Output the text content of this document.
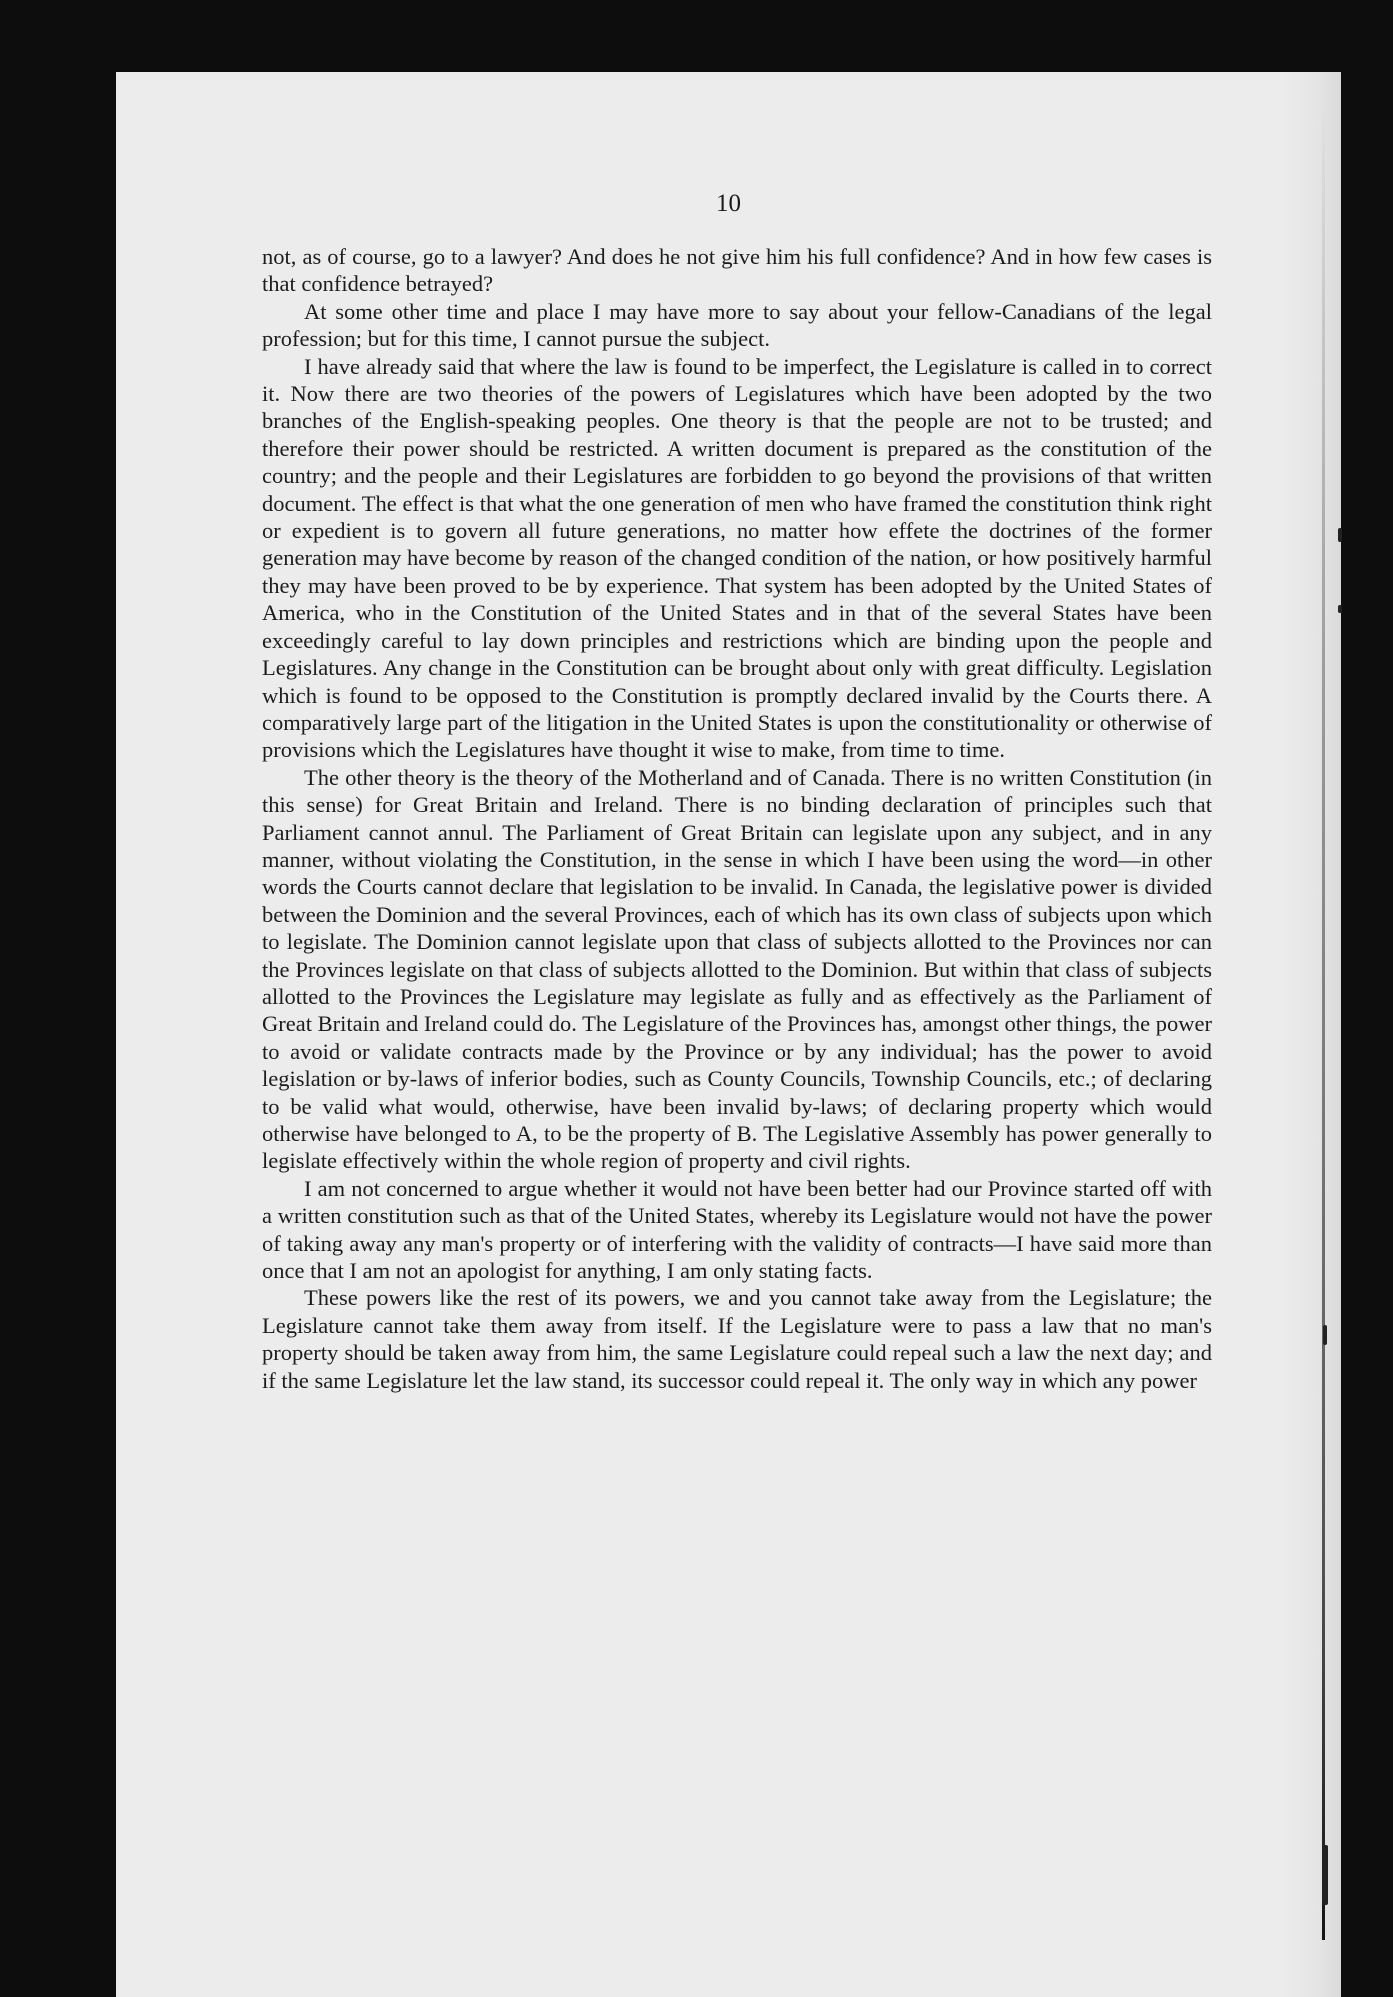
10

not, as of course, go to a lawyer? And does he not give him his full confidence? And in how few cases is that confidence betrayed?

At some other time and place I may have more to say about your fellow-Canadians of the legal profession; but for this time, I cannot pursue the subject.

I have already said that where the law is found to be imperfect, the Legislature is called in to correct it. Now there are two theories of the powers of Legislatures which have been adopted by the two branches of the English-speaking peoples. One theory is that the people are not to be trusted; and therefore their power should be restricted. A written document is prepared as the constitution of the country; and the people and their Legislatures are forbidden to go beyond the provisions of that written document. The effect is that what the one generation of men who have framed the constitution think right or expedient is to govern all future generations, no matter how effete the doctrines of the former generation may have become by reason of the changed condition of the nation, or how positively harmful they may have been proved to be by experience. That system has been adopted by the United States of America, who in the Constitution of the United States and in that of the several States have been exceedingly careful to lay down principles and restrictions which are binding upon the people and Legislatures. Any change in the Constitution can be brought about only with great difficulty. Legislation which is found to be opposed to the Constitution is promptly declared invalid by the Courts there. A comparatively large part of the litigation in the United States is upon the constitutionality or otherwise of provisions which the Legislatures have thought it wise to make, from time to time.

The other theory is the theory of the Motherland and of Canada. There is no written Constitution (in this sense) for Great Britain and Ireland. There is no binding declaration of principles such that Parliament cannot annul. The Parliament of Great Britain can legislate upon any subject, and in any manner, without violating the Constitution, in the sense in which I have been using the word—in other words the Courts cannot declare that legislation to be invalid. In Canada, the legislative power is divided between the Dominion and the several Provinces, each of which has its own class of subjects upon which to legislate. The Dominion cannot legislate upon that class of subjects allotted to the Provinces nor can the Provinces legislate on that class of subjects allotted to the Dominion. But within that class of subjects allotted to the Provinces the Legislature may legislate as fully and as effectively as the Parliament of Great Britain and Ireland could do. The Legislature of the Provinces has, amongst other things, the power to avoid or validate contracts made by the Province or by any individual; has the power to avoid legislation or by-laws of inferior bodies, such as County Councils, Township Councils, etc.; of declaring to be valid what would, otherwise, have been invalid by-laws; of declaring property which would otherwise have belonged to A, to be the property of B. The Legislative Assembly has power generally to legislate effectively within the whole region of property and civil rights.

I am not concerned to argue whether it would not have been better had our Province started off with a written constitution such as that of the United States, whereby its Legislature would not have the power of taking away any man's property or of interfering with the validity of contracts—I have said more than once that I am not an apologist for anything, I am only stating facts.

These powers like the rest of its powers, we and you cannot take away from the Legislature; the Legislature cannot take them away from itself. If the Legislature were to pass a law that no man's property should be taken away from him, the same Legislature could repeal such a law the next day; and if the same Legislature let the law stand, its successor could repeal it. The only way in which any power
